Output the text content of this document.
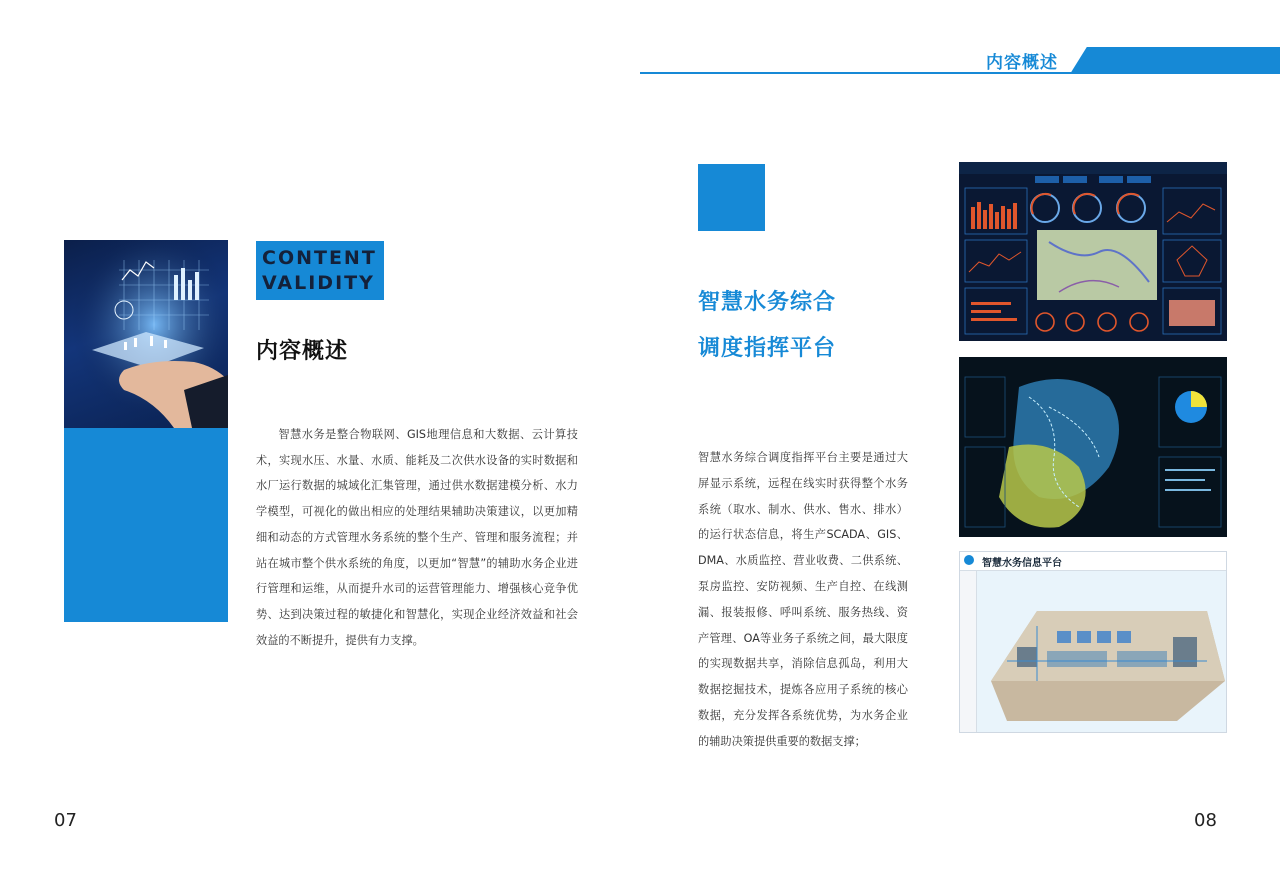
内容概述
CONTENT
VALIDITY
内容概述
智慧水务是整合物联网、GIS地理信息和大数据、云计算技术，实现水压、水量、水质、能耗及二次供水设备的实时数据和水厂运行数据的城域化汇集管理，通过供水数据建模分析、水力学模型，可视化的做出相应的处理结果辅助决策建议，以更加精细和动态的方式管理水务系统的整个生产、管理和服务流程；并站在城市整个供水系统的角度，以更加“智慧”的辅助水务企业进行管理和运维，从而提升水司的运营管理能力、增强核心竞争优势、达到决策过程的敏捷化和智慧化，实现企业经济效益和社会效益的不断提升，提供有力支撑。
07
智慧水务综合
调度指挥平台
智慧水务综合调度指挥平台主要是通过大屏显示系统，远程在线实时获得整个水务系统（取水、制水、供水、售水、排水）的运行状态信息，将生产SCADA、GIS、DMA、水质监控、营业收费、二供系统、泵房监控、安防视频、生产自控、在线测漏、报装报修、呼叫系统、服务热线、资产管理、OA等业务子系统之间，最大限度的实现数据共享，消除信息孤岛，利用大数据挖掘技术，提炼各应用子系统的核心数据，充分发挥各系统优势，为水务企业的辅助决策提供重要的数据支撑；
智慧水务信息平台
08
